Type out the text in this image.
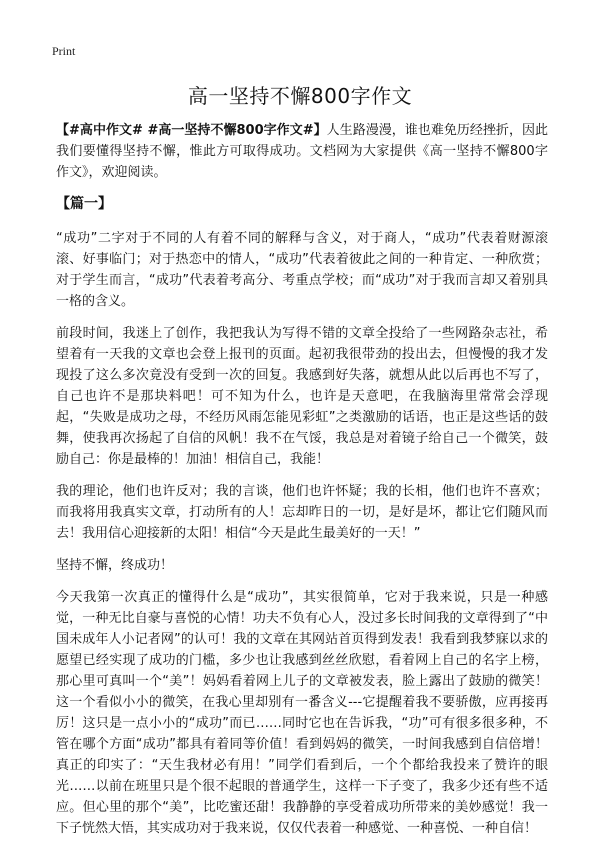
Print
高一坚持不懈800字作文

【#高中作文# #高一坚持不懈800字作文#】人生路漫漫，谁也难免历经挫折，因此我们要懂得坚持不懈，惟此方可取得成功。文档网为大家提供《高一坚持不懈800字作文》，欢迎阅读。

【篇一】

“成功”二字对于不同的人有着不同的解释与含义，对于商人，“成功”代表着财源滚滚、好事临门；对于热恋中的情人，“成功”代表着彼此之间的一种肯定、一种欣赏；对于学生而言，“成功”代表着考高分、考重点学校；而“成功”对于我而言却又着别具一格的含义。

前段时间，我迷上了创作，我把我认为写得不错的文章全投给了一些网路杂志社，希望着有一天我的文章也会登上报刊的页面。起初我很带劲的投出去，但慢慢的我才发现投了这么多次竟没有受到一次的回复。我感到好失落，就想从此以后再也不写了，自己也许不是那块料吧！可不知为什么，也许是天意吧，在我脑海里常常会浮现起，“失败是成功之母，不经历风雨怎能见彩虹”之类激励的话语，也正是这些话的鼓舞，使我再次扬起了自信的风帆！我不在气馁，我总是对着镜子给自己一个微笑，鼓励自己：你是最棒的！加油！相信自己，我能！

我的理论，他们也许反对；我的言谈，他们也许怀疑；我的长相，他们也许不喜欢；而我将用我真实文章，打动所有的人！忘却昨日的一切，是好是坏，都让它们随风而去！我用信心迎接新的太阳！相信“今天是此生最美好的一天！”

坚持不懈，终成功！

今天我第一次真正的懂得什么是“成功”，其实很简单，它对于我来说，只是一种感觉，一种无比自豪与喜悦的心情！功夫不负有心人，没过多长时间我的文章得到了“中国未成年人小记者网”的认可！我的文章在其网站首页得到发表！我看到我梦寐以求的愿望已经实现了成功的门槛，多少也让我感到丝丝欣慰，看着网上自己的名字上榜，那心里可真叫一个“美”！妈妈看着网上儿子的文章被发表，脸上露出了鼓励的微笑！这一个看似小小的微笑，在我心里却别有一番含义---它提醒着我不要骄傲，应再接再厉！这只是一点小小的“成功”而已……同时它也在告诉我，“功”可有很多很多种，不管在哪个方面“成功”都具有着同等价值！看到妈妈的微笑，一时间我感到自信倍增！真正的印实了：“天生我材必有用！”同学们看到后，一个个都给我投来了赞许的眼光……以前在班里只是个很不起眼的普通学生，这样一下子变了，我多少还有些不适应。但心里的那个“美”，比吃蜜还甜！我静静的享受着成功所带来的美妙感觉！我一下子恍然大悟，其实成功对于我来说，仅仅代表着一种感觉、一种喜悦、一种自信！
